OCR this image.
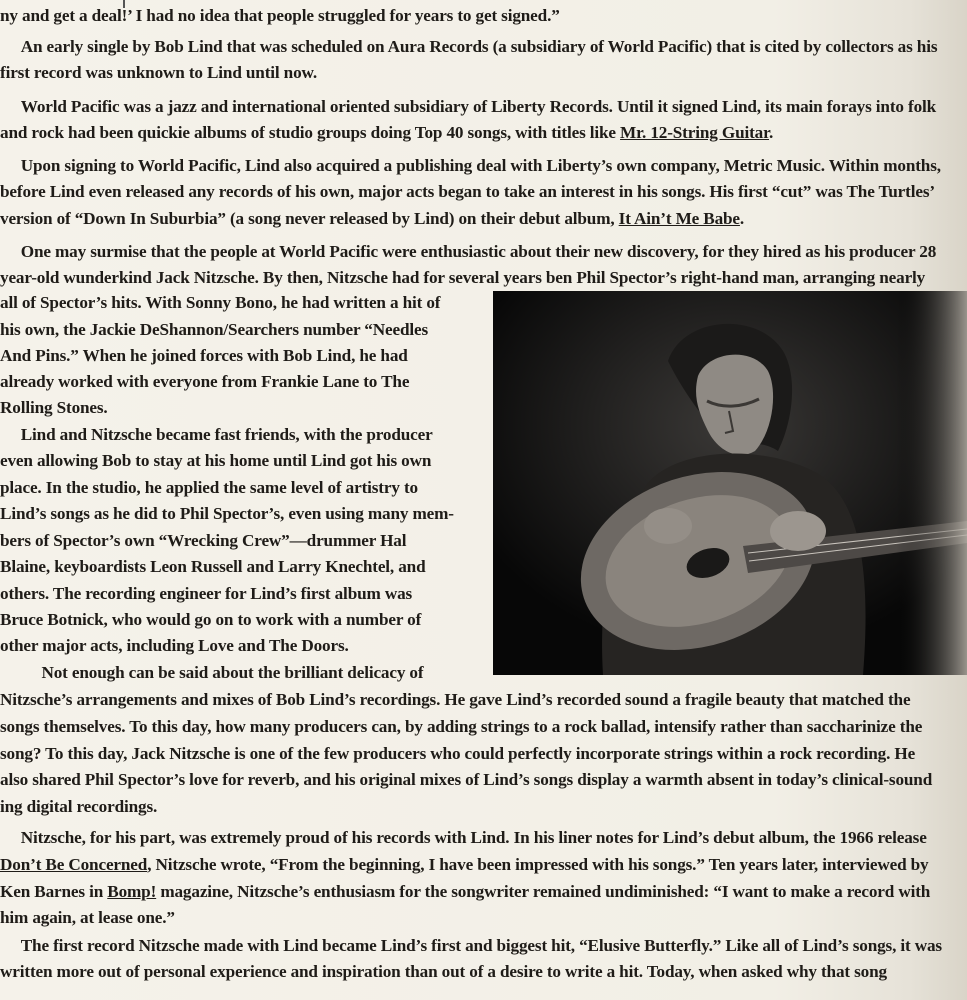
ny and get a deal!’ I had no idea that people struggled for years to get signed.”
An early single by Bob Lind that was scheduled on Aura Records (a subsidiary of World Pacific) that is cited by collectors as his
first record was unknown to Lind until now.
World Pacific was a jazz and international oriented subsidiary of Liberty Records. Until it signed Lind, its main forays into folk
and rock had been quickie albums of studio groups doing Top 40 songs, with titles like Mr. 12-String Guitar.
Upon signing to World Pacific, Lind also acquired a publishing deal with Liberty’s own company, Metric Music. Within months,
before Lind even released any records of his own, major acts began to take an interest in his songs. His first “cut” was The Turtles’
version of “Down In Suburbia” (a song never released by Lind) on their debut album, It Ain’t Me Babe.
One may surmise that the people at World Pacific were enthusiastic about their new discovery, for they hired as his producer 28
year-old wunderkind Jack Nitzsche. By then, Nitzsche had for several years ben Phil Spector’s right-hand man, arranging nearly
all of Spector’s hits. With Sonny Bono, he had written a hit of
his own, the Jackie DeShannon/Searchers number “Needles
And Pins.” When he joined forces with Bob Lind, he had
already worked with everyone from Frankie Lane to The
Rolling Stones.
Lind and Nitzsche became fast friends, with the producer
even allowing Bob to stay at his home until Lind got his own
place. In the studio, he applied the same level of artistry to
Lind’s songs as he did to Phil Spector’s, even using many mem-
bers of Spector’s own “Wrecking Crew”—drummer Hal
Blaine, keyboardists Leon Russell and Larry Knechtel, and
others. The recording engineer for Lind’s first album was
Bruce Botnick, who would go on to work with a number of
other major acts, including Love and The Doors.
Not enough can be said about the brilliant delicacy of
Nitzsche’s arrangements and mixes of Bob Lind’s recordings. He gave Lind’s recorded sound a fragile beauty that matched the
songs themselves. To this day, how many producers can, by adding strings to a rock ballad, intensify rather than saccharinize the
song? To this day, Jack Nitzsche is one of the few producers who could perfectly incorporate strings within a rock recording. He
also shared Phil Spector’s love for reverb, and his original mixes of Lind’s songs display a warmth absent in today’s clinical-sound
ing digital recordings.
Nitzsche, for his part, was extremely proud of his records with Lind. In his liner notes for Lind’s debut album, the 1966 release
Don’t Be Concerned, Nitzsche wrote, “From the beginning, I have been impressed with his songs.” Ten years later, interviewed by
Ken Barnes in Bomp! magazine, Nitzsche’s enthusiasm for the songwriter remained undiminished: “I want to make a record with
him again, at lease one.”
The first record Nitzsche made with Lind became Lind’s first and biggest hit, “Elusive Butterfly.” Like all of Lind’s songs, it was
written more out of personal experience and inspiration than out of a desire to write a hit. Today, when asked why that song
